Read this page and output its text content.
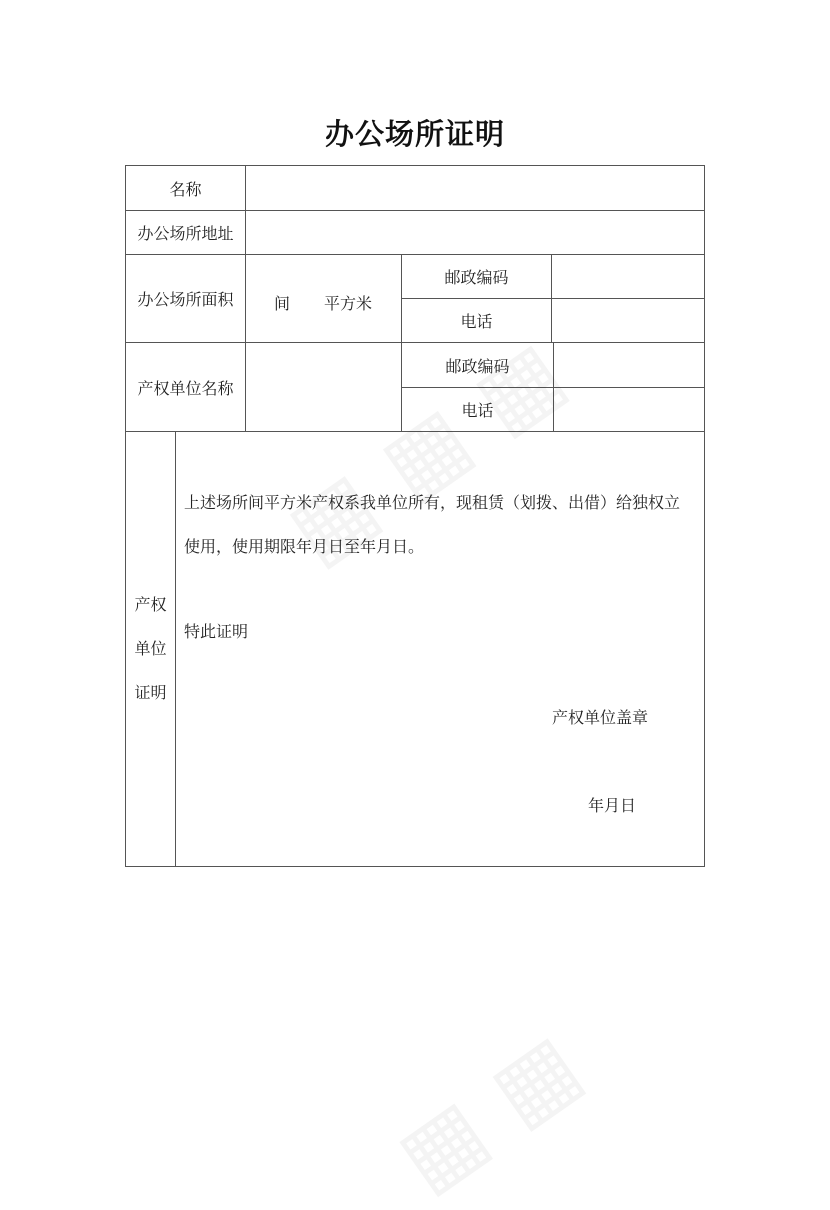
办公场所证明
名称
办公场所地址
办公场所面积	间 平方米
邮政编码
电话
产权单位名称
邮政编码
电话
产权
单位
证明
上述场所间平方米产权系我单位所有，现租赁（划拨、出借）给独权立
使用，使用期限年月日至年月日。
特此证明
产权单位盖章
年月日
